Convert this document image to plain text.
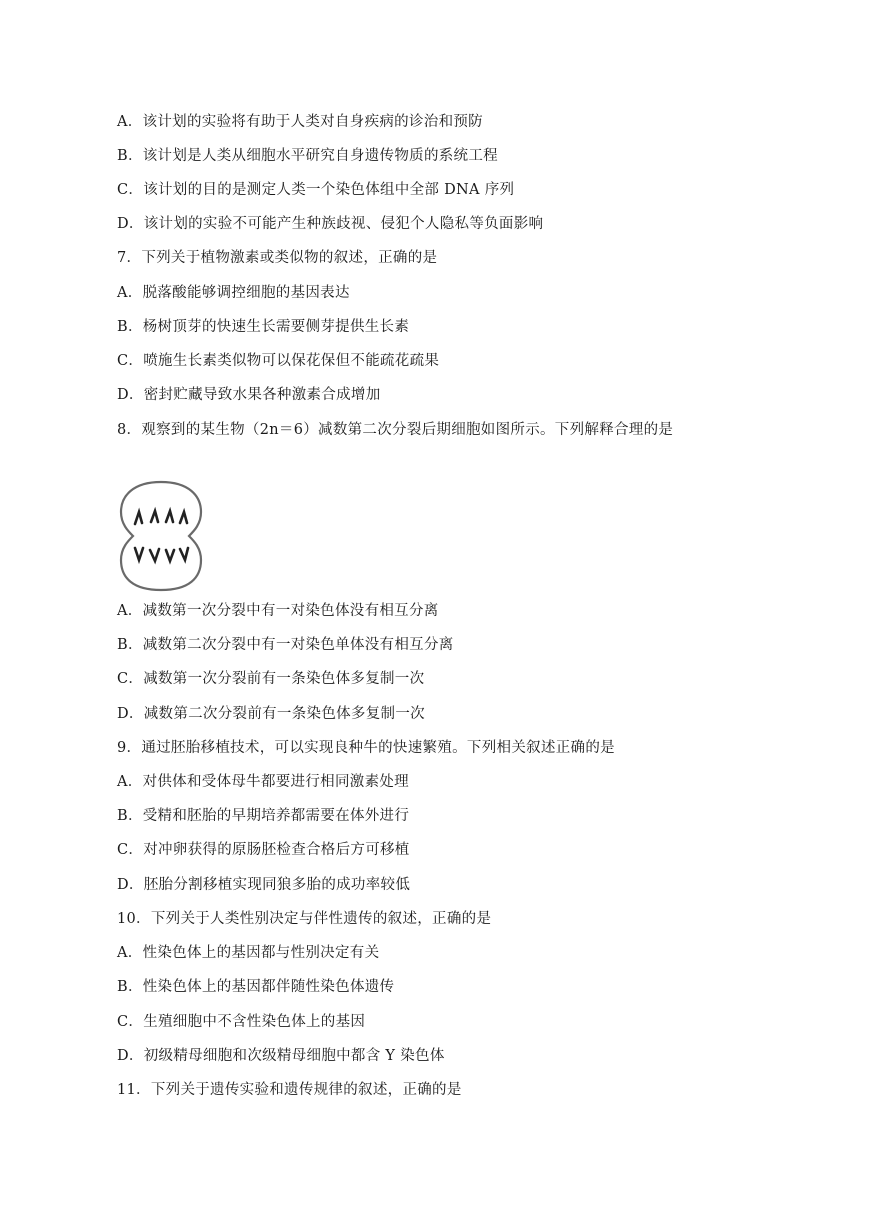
A．该计划的实验将有助于人类对自身疾病的诊治和预防
B．该计划是人类从细胞水平研究自身遗传物质的系统工程
C．该计划的目的是测定人类一个染色体组中全部 DNA 序列
D．该计划的实验不可能产生种族歧视、侵犯个人隐私等负面影响
7．下列关于植物激素或类似物的叙述，正确的是
A．脱落酸能够调控细胞的基因表达
B．杨树顶芽的快速生长需要侧芽提供生长素
C．喷施生长素类似物可以保花保但不能疏花疏果
D．密封贮藏导致水果各种激素合成增加
8．观察到的某生物（2n＝6）减数第二次分裂后期细胞如图所示。下列解释合理的是
A．减数第一次分裂中有一对染色体没有相互分离
B．减数第二次分裂中有一对染色单体没有相互分离
C．减数第一次分裂前有一条染色体多复制一次
D．减数第二次分裂前有一条染色体多复制一次
9．通过胚胎移植技术，可以实现良种牛的快速繁殖。下列相关叙述正确的是
A．对供体和受体母牛都要进行相同激素处理
B．受精和胚胎的早期培养都需要在体外进行
C．对冲卵获得的原肠胚检查合格后方可移植
D．胚胎分割移植实现同狼多胎的成功率较低
10．下列关于人类性别决定与伴性遗传的叙述，正确的是
A．性染色体上的基因都与性别决定有关
B．性染色体上的基因都伴随性染色体遗传
C．生殖细胞中不含性染色体上的基因
D．初级精母细胞和次级精母细胞中都含 Y 染色体
11．下列关于遗传实验和遗传规律的叙述，正确的是
